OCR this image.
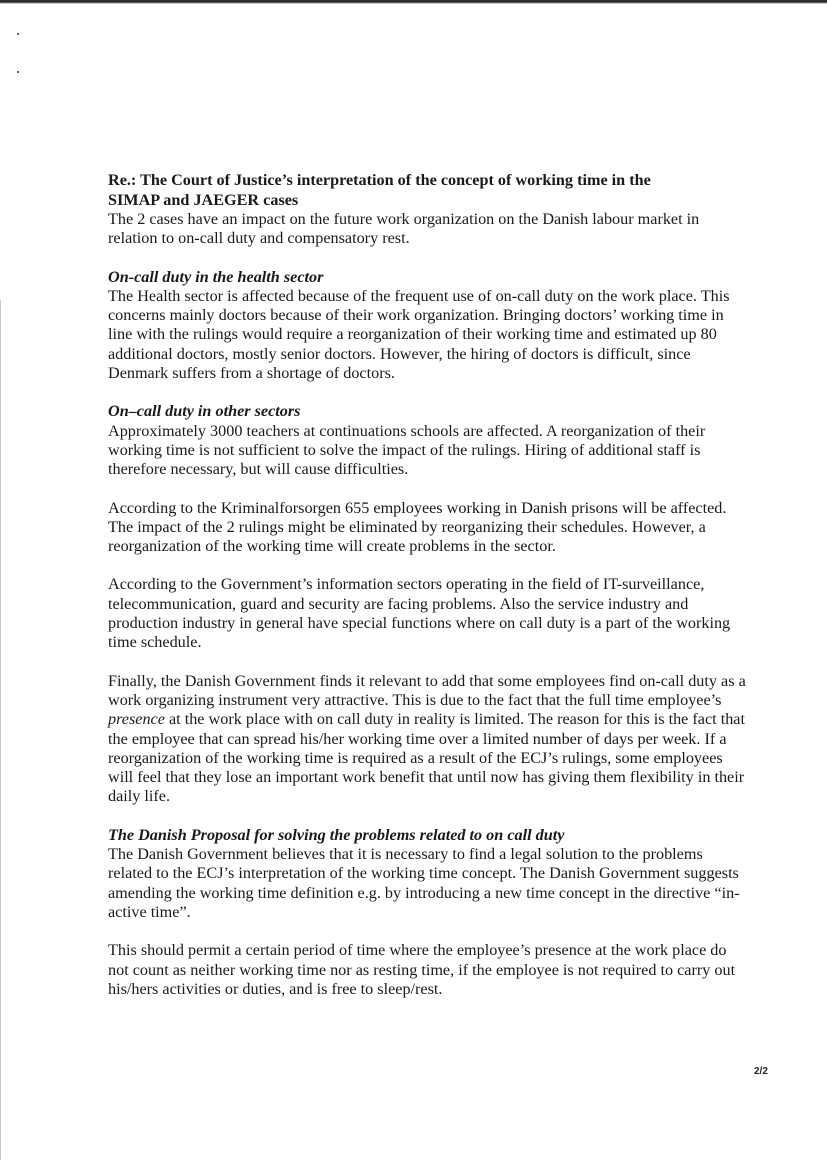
Re.: The Court of Justice’s interpretation of the concept of working time in the SIMAP and JAEGER cases

The 2 cases have an impact on the future work organization on the Danish labour market in relation to on-call duty and compensatory rest.

On-call duty in the health sector

The Health sector is affected because of the frequent use of on-call duty on the work place. This concerns mainly doctors because of their work organization. Bringing doctors’ working time in line with the rulings would require a reorganization of their working time and estimated up 80 additional doctors, mostly senior doctors. However, the hiring of doctors is difficult, since Denmark suffers from a shortage of doctors.

On–call duty in other sectors

Approximately 3000 teachers at continuations schools are affected. A reorganization of their working time is not sufficient to solve the impact of the rulings. Hiring of additional staff is therefore necessary, but will cause difficulties.

According to the Kriminalforsorgen 655 employees working in Danish prisons will be affected. The impact of the 2 rulings might be eliminated by reorganizing their schedules. However, a reorganization of the working time will create problems in the sector.

According to the Government’s information sectors operating in the field of IT-surveillance, telecommunication, guard and security are facing problems. Also the service industry and production industry in general have special functions where on call duty is a part of the working time schedule.

Finally, the Danish Government finds it relevant to add that some employees find on-call duty as a work organizing instrument very attractive. This is due to the fact that the full time employee’s presence at the work place with on call duty in reality is limited. The reason for this is the fact that the employee that can spread his/her working time over a limited number of days per week. If a reorganization of the working time is required as a result of the ECJ’s rulings, some employees will feel that they lose an important work benefit that until now has giving them flexibility in their daily life.

The Danish Proposal for solving the problems related to on call duty

The Danish Government believes that it is necessary to find a legal solution to the problems related to the ECJ’s interpretation of the working time concept. The Danish Government suggests amending the working time definition e.g. by introducing a new time concept in the directive “in-active time”.

This should permit a certain period of time where the employee’s presence at the work place do not count as neither working time nor as resting time, if the employee is not required to carry out his/hers activities or duties, and is free to sleep/rest.

2/2
